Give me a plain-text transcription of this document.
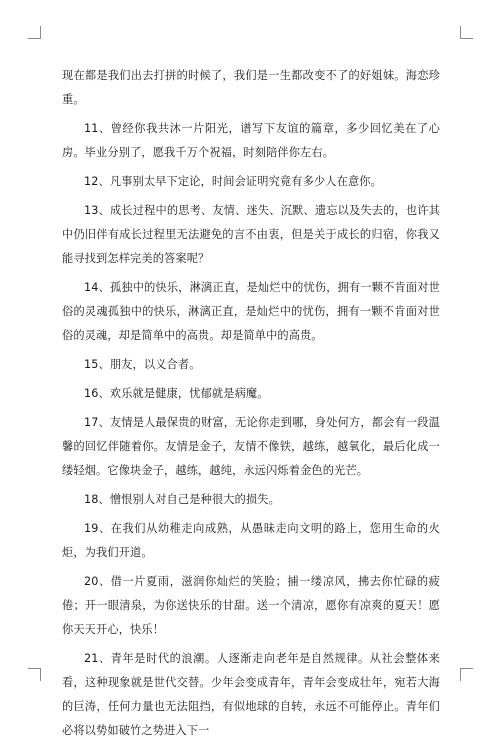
现在都是我们出去打拼的时候了，我们是一生都改变不了的好姐妹。海恋珍重。

11、曾经你我共沐一片阳光，谱写下友谊的篇章，多少回忆美在了心房。毕业分别了，愿我千万个祝福，时刻陪伴你左右。

12、凡事别太早下定论，时间会证明究竟有多少人在意你。

13、成长过程中的思考、友情、迷失、沉默、遗忘以及失去的，也许其中仍旧伴有成长过程里无法避免的言不由衷，但是关于成长的归宿，你我又能寻找到怎样完美的答案呢？

14、孤独中的快乐，淋漓正直，是灿烂中的忧伤，拥有一颗不肯面对世俗的灵魂孤独中的快乐，淋漓正直，是灿烂中的忧伤，拥有一颗不肯面对世俗的灵魂，却是简单中的高贵。却是简单中的高贵。

15、朋友，以义合者。

16、欢乐就是健康，忧郁就是病魔。

17、友情是人最保贵的财富，无论你走到哪，身处何方，都会有一段温馨的回忆伴随着你。友情是金子，友情不像铁，越练，越氧化，最后化成一缕轻烟。它像块金子，越练，越纯，永远闪烁着金色的光芒。

18、憎恨别人对自己是种很大的损失。

19、在我们从幼稚走向成熟，从愚昧走向文明的路上，您用生命的火炬，为我们开道。

20、借一片夏雨，滋润你灿烂的笑脸；捕一缕凉风，拂去你忙碌的疲倦；开一眼清泉，为你送快乐的甘甜。送一个清凉，愿你有凉爽的夏天！愿你天天开心，快乐！

21、青年是时代的浪潮。人逐渐走向老年是自然规律。从社会整体来看，这种现象就是世代交替。少年会变成青年，青年会变成壮年，宛若大海的巨涛，任何力量也无法阻挡，有似地球的自转，永远不可能停止。青年们必将以势如破竹之势进入下一
